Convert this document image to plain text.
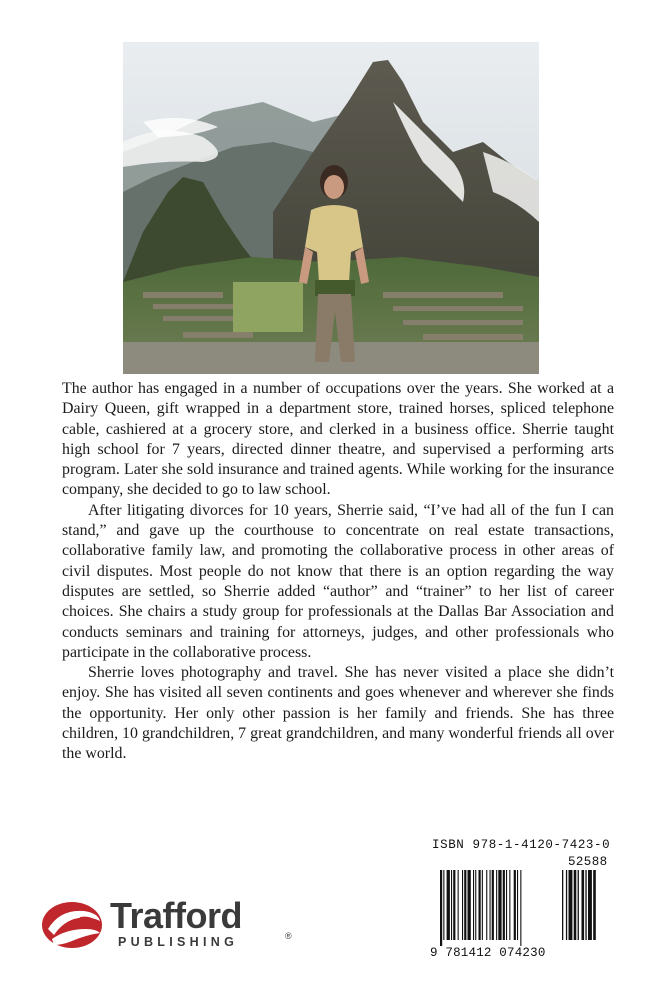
The author has engaged in a number of occupations over the years. She worked at a Dairy Queen, gift wrapped in a department store, trained horses, spliced telephone cable, cashiered at a grocery store, and clerked in a business office. Sherrie taught high school for 7 years, directed dinner theatre, and supervised a performing arts program. Later she sold insurance and trained agents. While working for the insurance company, she decided to go to law school.

After litigating divorces for 10 years, Sherrie said, “I’ve had all of the fun I can stand,” and gave up the courthouse to concentrate on real estate transactions, collaborative family law, and promoting the collaborative process in other areas of civil disputes. Most people do not know that there is an option regarding the way disputes are settled, so Sherrie added “author” and “trainer” to her list of career choices. She chairs a study group for professionals at the Dallas Bar Association and conducts seminars and training for attorneys, judges, and other professionals who participate in the collaborative process.

Sherrie loves photography and travel. She has never visited a place she didn’t enjoy. She has visited all seven continents and goes whenever and wherever she finds the opportunity. Her only other passion is her family and friends. She has three children, 10 grandchildren, 7 great grandchildren, and many wonderful friends all over the world.

Trafford
PUBLISHING	®
ISBN 978-1-4120-7423-0
52588
9 781412 074230
